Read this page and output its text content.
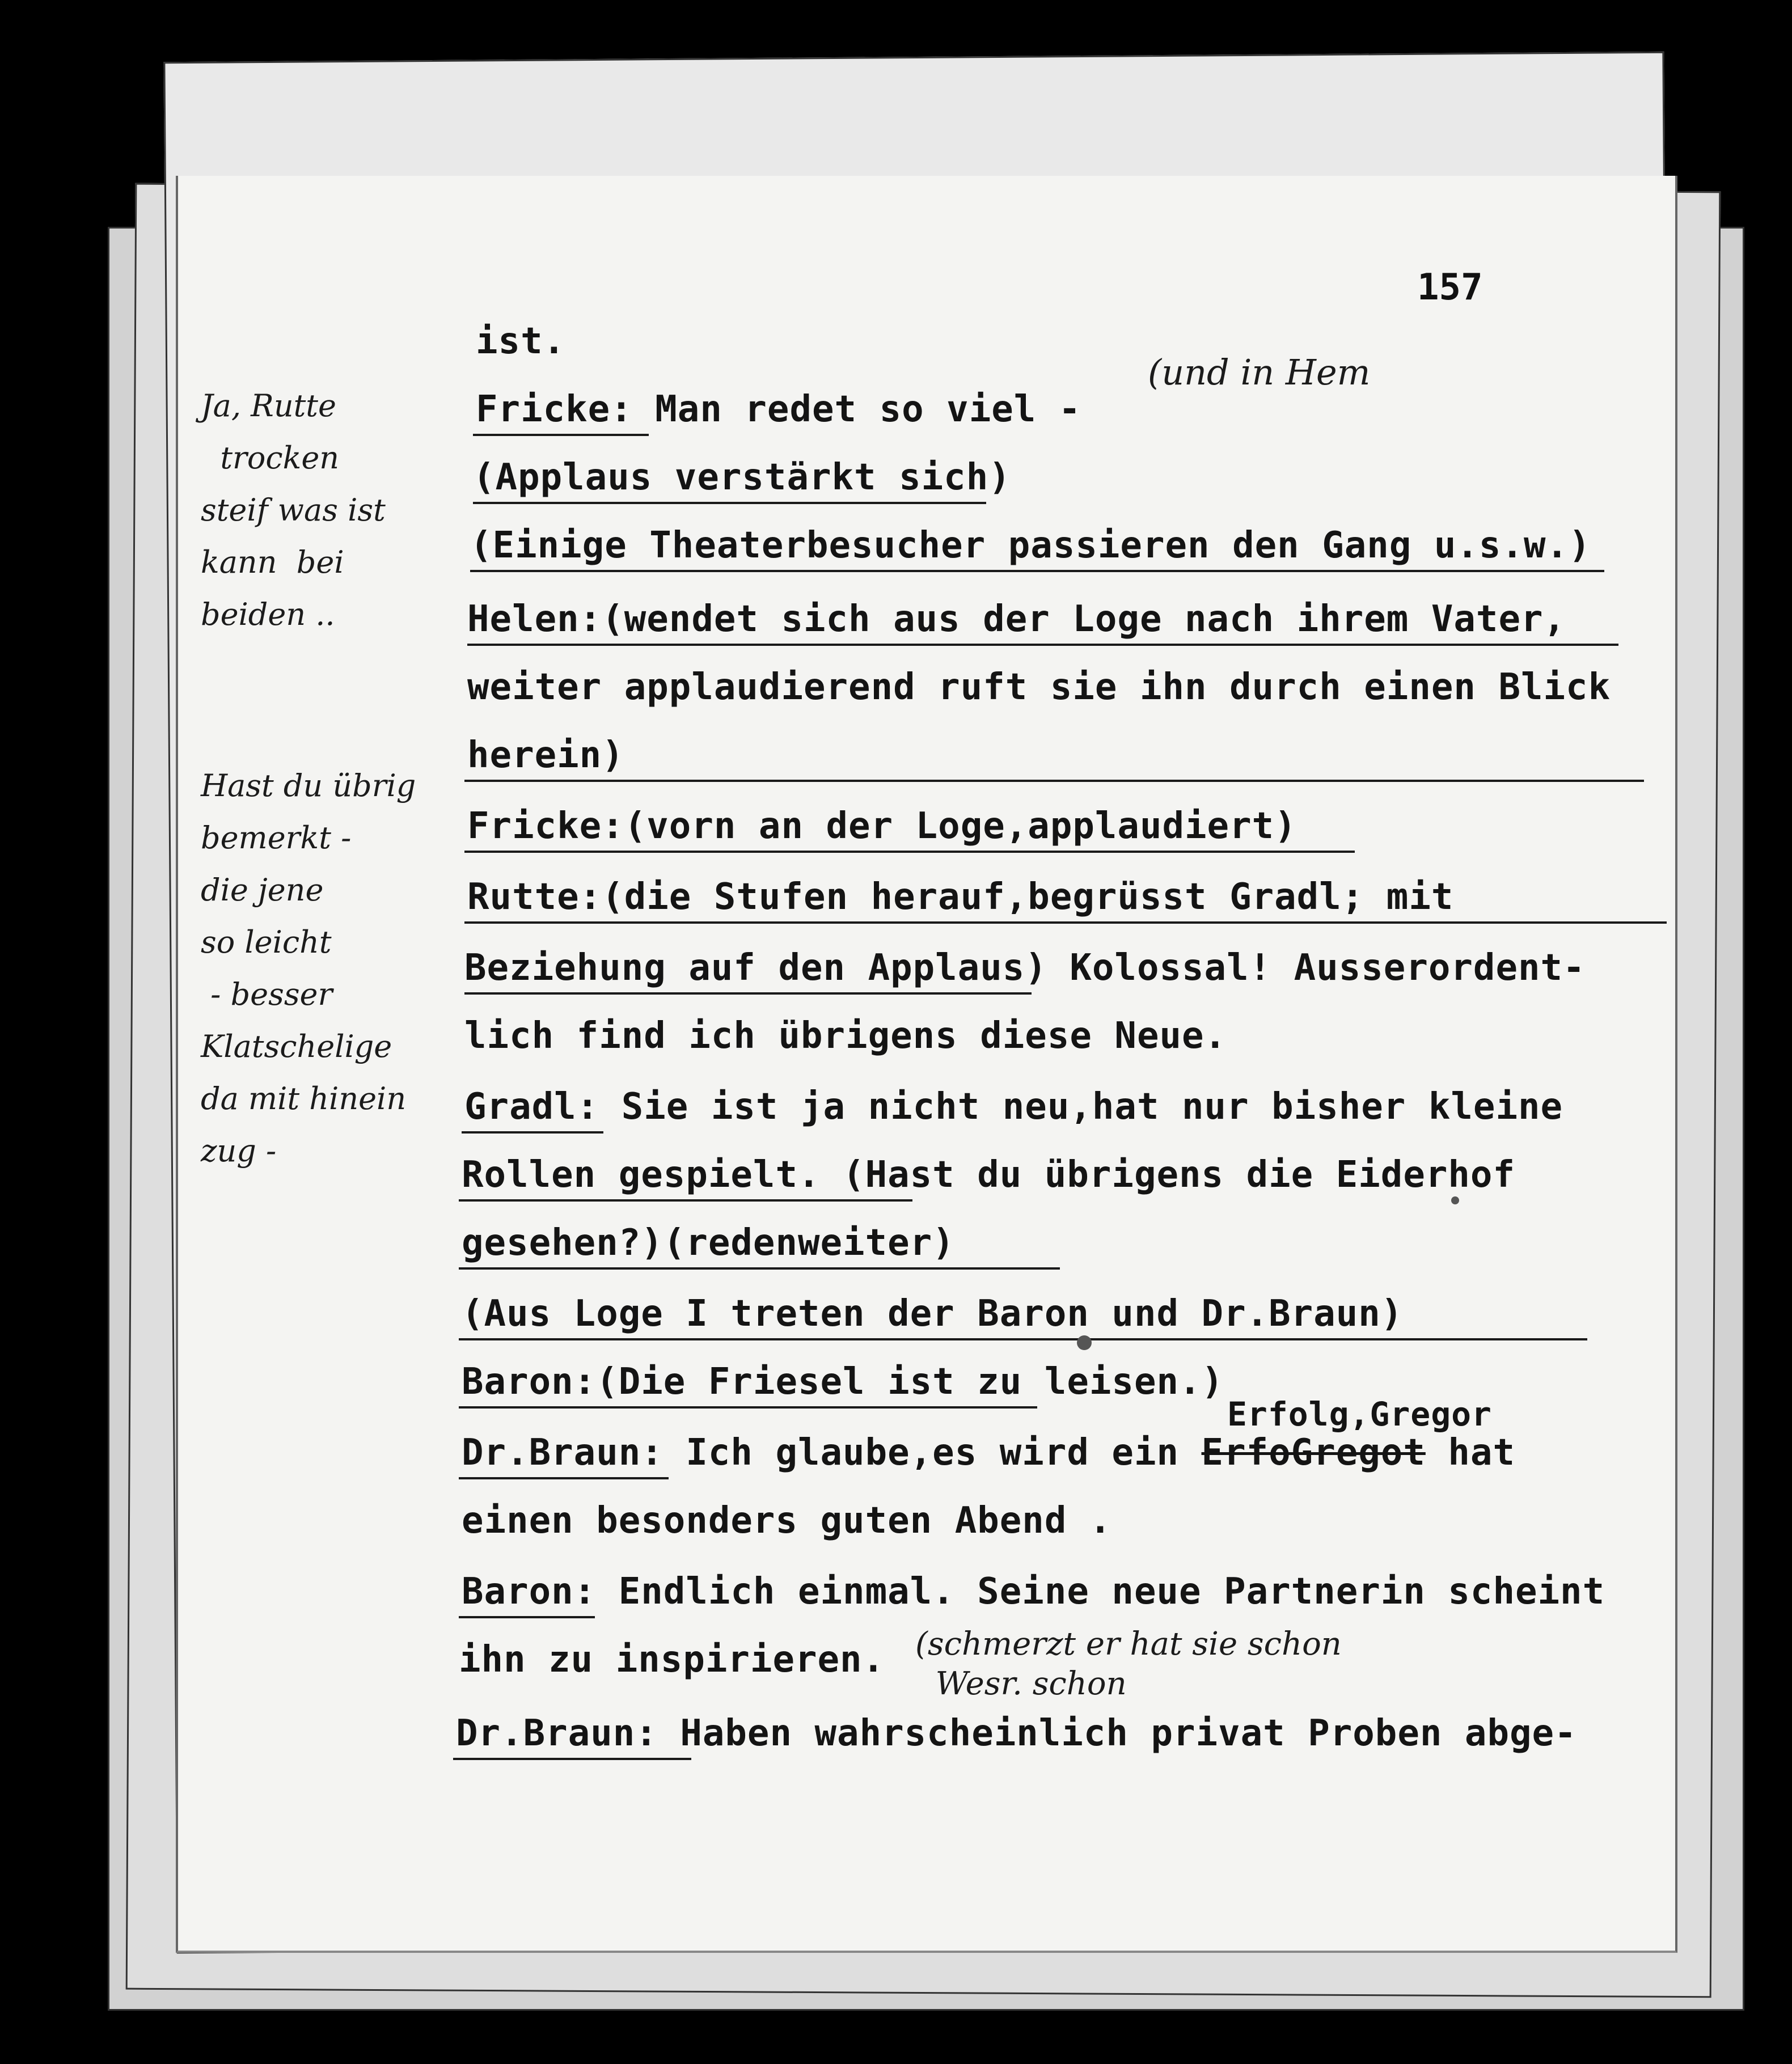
157
(und in Hem
Ja, Rutte
trocken
steif was ist
kann  bei
beiden ..
Hast du übrig
bemerkt -
die jene
so leicht
- besser
Klatschelige
da mit hinein
zug -
ist.
Fricke: Man redet so viel -
(Applaus verstärkt sich)
(Einige Theaterbesucher passieren den Gang u.s.w.)
Helen:(wendet sich aus der Loge nach ihrem Vater,
weiter applaudierend ruft sie ihn durch einen Blick
herein)
Fricke:(vorn an der Loge,applaudiert)
Rutte:(die Stufen herauf,begrüsst Gradl; mit
Beziehung auf den Applaus) Kolossal! Ausserordent-
lich find ich übrigens diese Neue.
Gradl: Sie ist ja nicht neu,hat nur bisher kleine
Rollen gespielt. (Hast du übrigens die Eiderhof
gesehen?)(redenweiter)
(Aus Loge I treten der Baron und Dr.Braun)
Baron:(Die Friesel ist zu leisen.)
Erfolg,Gregor
Dr.Braun: Ich glaube,es wird ein ErfoGregot hat
einen besonders guten Abend .
Baron: Endlich einmal. Seine neue Partnerin scheint
ihn zu inspirieren. (schmerzt er hat sie schon
Wesr. schon
Dr.Braun: Haben wahrscheinlich privat Proben abge-
